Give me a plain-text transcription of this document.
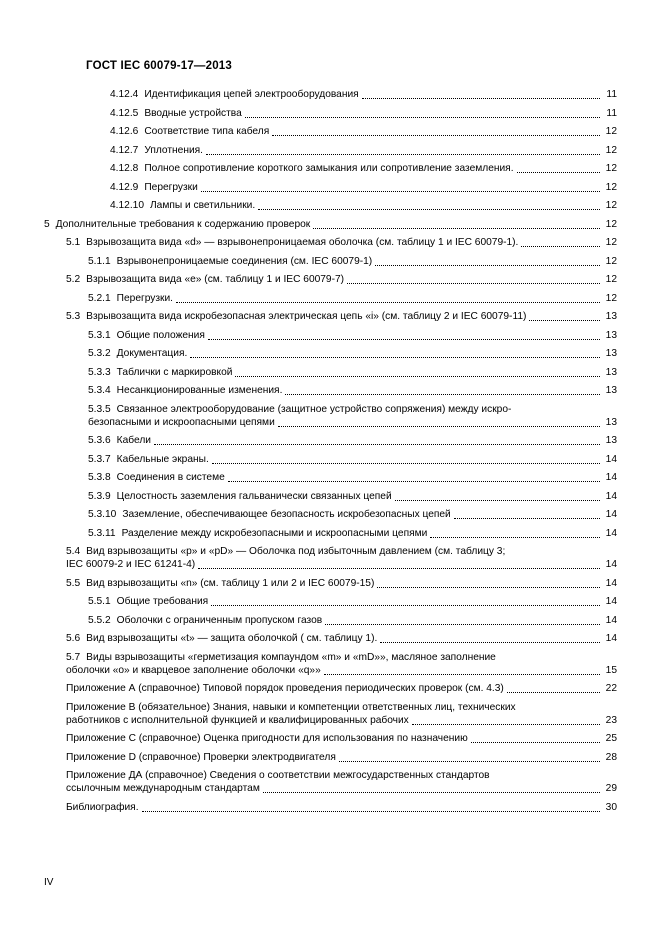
ГОСТ IEC 60079-17—2013
4.12.4 Идентификация цепей электрооборудования	11
4.12.5 Вводные устройства	11
4.12.6 Соответствие типа кабеля	12
4.12.7 Уплотнения.	12
4.12.8 Полное сопротивление короткого замыкания или сопротивление заземления.	12
4.12.9 Перегрузки	12
4.12.10 Лампы и светильники.	12
5 Дополнительные требования к содержанию проверок	12
5.1 Взрывозащита вида «d» — взрывонепроницаемая оболочка (см. таблицу 1 и IEC 60079-1).	12
5.1.1 Взрывонепроницаемые соединения (см. IEC 60079-1)	12
5.2 Взрывозащита вида «е» (см. таблицу 1 и IEC 60079-7)	12
5.2.1 Перегрузки.	12
5.3 Взрывозащита вида искробезопасная электрическая цепь «i» (см. таблицу 2 и IEC 60079-11)	13
5.3.1 Общие положения	13
5.3.2 Документация.	13
5.3.3 Таблички с маркировкой	13
5.3.4 Несанкционированные изменения.	13
5.3.5 Связанное электрооборудование (защитное устройство сопряжения) между искро-
безопасными и искроопасными цепями	13
5.3.6 Кабели	13
5.3.7 Кабельные экраны.	14
5.3.8 Соединения в системе	14
5.3.9 Целостность заземления гальванически связанных цепей	14
5.3.10 Заземление, обеспечивающее безопасность искробезопасных цепей	14
5.3.11 Разделение между искробезопасными и искроопасными цепями	14
5.4 Вид взрывозащиты «р» и «рD» — Оболочка под избыточным давлением (см. таблицу 3;
IEC 60079-2 и IEC 61241-4)	14
5.5 Вид взрывозащиты «n» (см. таблицу 1 или 2 и IEC 60079-15)	14
5.5.1 Общие требования	14
5.5.2 Оболочки с ограниченным пропуском газов	14
5.6 Вид взрывозащиты «t» — защита оболочкой ( см. таблицу 1).	14
5.7 Виды взрывозащиты «герметизация компаундом «m» и «mD»», масляное заполнение
оболочки «о» и кварцевое заполнение оболочки «q»»	15
Приложение А (справочное) Типовой порядок проведения периодических проверок (см. 4.3)	22
Приложение В (обязательное) Знания, навыки и компетенции ответственных лиц, технических
работников с исполнительной функцией и квалифицированных рабочих	23
Приложение С (справочное) Оценка пригодности для использования по назначению	25
Приложение D (справочное) Проверки электродвигателя	28
Приложение ДА (справочное) Сведения о соответствии межгосударственных стандартов
ссылочным международным стандартам	29
Библиография.	30
IV
